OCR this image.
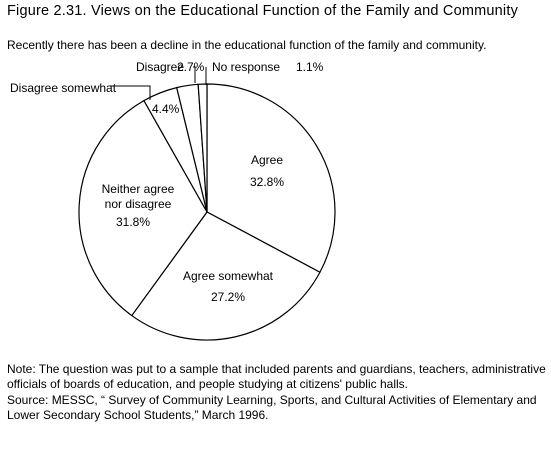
Figure 2.31. Views on the Educational Function of the Family and Community
Recently there has been a decline in the educational function of the family and community.
Agree
32.8%
Agree somewhat
27.2%
Neither agree
nor disagree
31.8%
Disagree somewhat
4.4%
Disagree
2.7% No response 1.1%
Note: The question was put to a sample that included parents and guardians, teachers, administrative officials of boards of education, and people studying at citizens' public halls.
Source: MESSC, “ Survey of Community Learning, Sports, and Cultural Activities of Elementary and Lower Secondary School Students,” March 1996.
